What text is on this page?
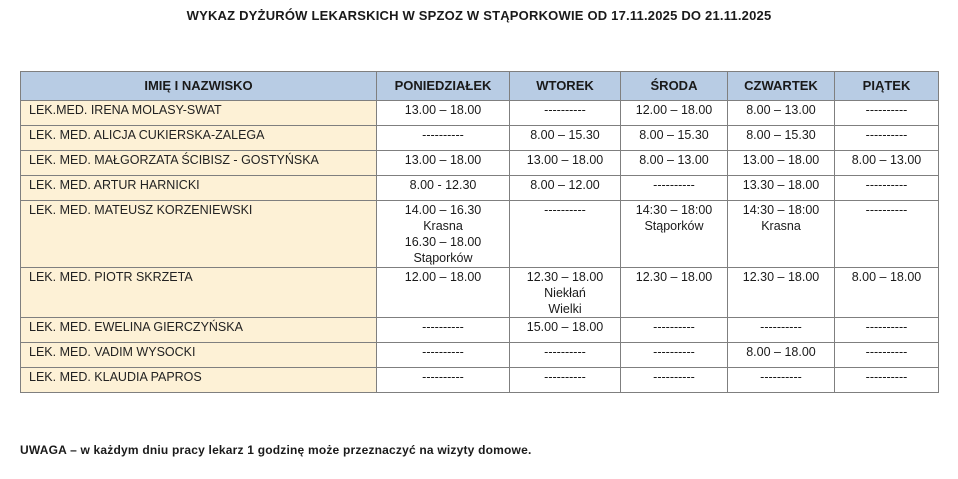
WYKAZ DYŻURÓW LEKARSKICH W SPZOZ W STĄPORKOWIE OD 17.11.2025 DO 21.11.2025
IMIĘ I NAZWISKO	PONIEDZIAŁEK	WTOREK	ŚRODA	CZWARTEK	PIĄTEK
LEK.MED. IRENA MOLASY-SWAT	13.00 – 18.00	----------	12.00 – 18.00	8.00 – 13.00	----------

LEK. MED. ALICJA CUKIERSKA-ZALEGA	----------	8.00 – 15.30	8.00 – 15.30	8.00 – 15.30	----------

LEK. MED. MAŁGORZATA ŚCIBISZ - GOSTYŃSKA	13.00 – 18.00	13.00 – 18.00	8.00 – 13.00	13.00 – 18.00	8.00 – 13.00

LEK. MED. ARTUR HARNICKI	8.00 - 12.30	8.00 – 12.00	----------	13.30 – 18.00	----------

LEK. MED. MATEUSZ KORZENIEWSKI	14.00 – 16.30
Krasna
16.30 – 18.00
Stąporków	----------	14:30 – 18:00
Stąporków	14:30 – 18:00
Krasna	----------

LEK. MED. PIOTR SKRZETA	12.00 – 18.00	12.30 – 18.00
Niekłań
Wielki	12.30 – 18.00	12.30 – 18.00	8.00 – 18.00

LEK. MED. EWELINA GIERCZYŃSKA	----------	15.00 – 18.00	----------	----------	----------

LEK. MED. VADIM WYSOCKI	----------	----------	----------	8.00 – 18.00	----------

LEK. MED. KLAUDIA PAPROS	----------	----------	----------	----------	----------
UWAGA – w każdym dniu pracy lekarz 1 godzinę może przeznaczyć na wizyty domowe.
